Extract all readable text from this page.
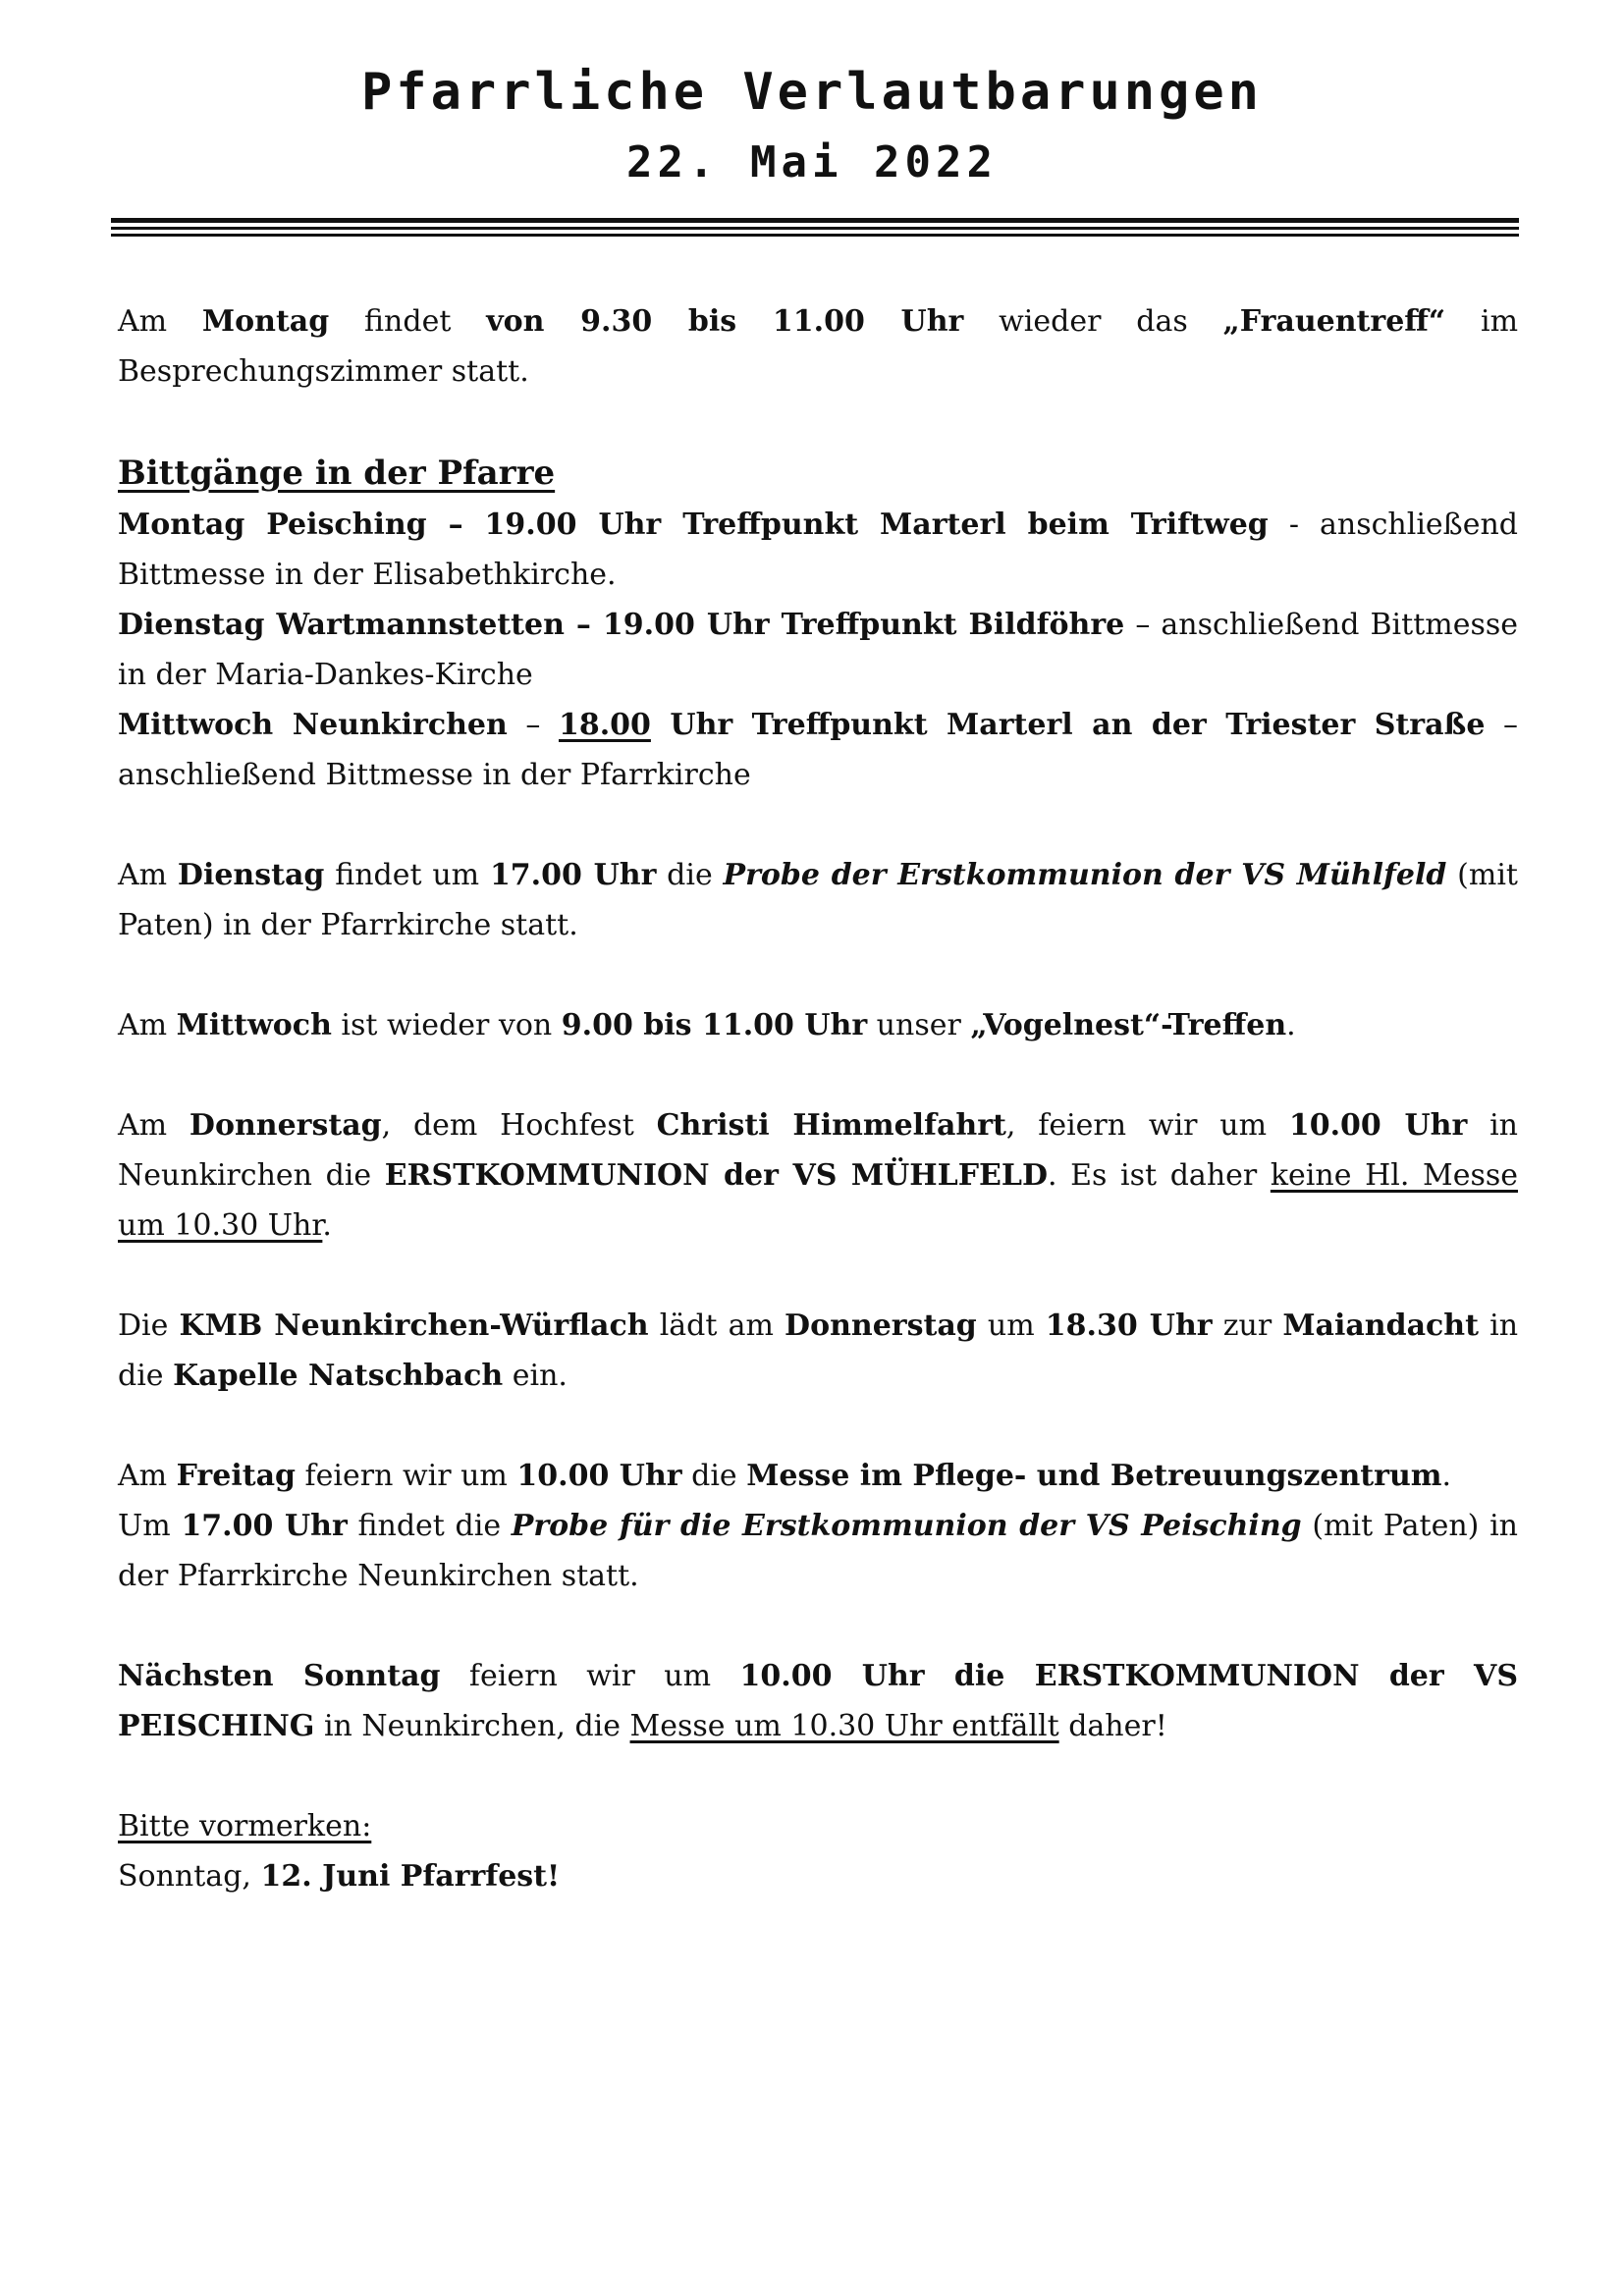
Pfarrliche Verlautbarungen
22. Mai 2022

Am Montag findet von 9.30 bis 11.00 Uhr wieder das „Frauentreff“ im Besprechungszimmer statt.

Bittgänge in der Pfarre

Montag Peisching – 19.00 Uhr Treffpunkt Marterl beim Triftweg - anschließend Bittmesse in der Elisabethkirche.

Dienstag Wartmannstetten – 19.00 Uhr Treffpunkt Bildföhre – anschließend Bittmesse in der Maria-Dankes-Kirche

Mittwoch Neunkirchen – 18.00 Uhr Treffpunkt Marterl an der Triester Straße – anschließend Bittmesse in der Pfarrkirche

Am Dienstag findet um 17.00 Uhr die Probe der Erstkommunion der VS Mühlfeld (mit Paten) in der Pfarrkirche statt.

Am Mittwoch ist wieder von 9.00 bis 11.00 Uhr unser „Vogelnest“-Treffen.

Am Donnerstag, dem Hochfest Christi Himmelfahrt, feiern wir um 10.00 Uhr in Neunkirchen die ERSTKOMMUNION der VS MÜHLFELD. Es ist daher keine Hl. Messe um 10.30 Uhr.

Die KMB Neunkirchen-Würflach lädt am Donnerstag um 18.30 Uhr zur Maiandacht in die Kapelle Natschbach ein.

Am Freitag feiern wir um 10.00 Uhr die Messe im Pflege- und Betreuungszentrum.
Um 17.00 Uhr findet die Probe für die Erstkommunion der VS Peisching (mit Paten) in der Pfarrkirche Neunkirchen statt.

Nächsten Sonntag feiern wir um 10.00 Uhr die ERSTKOMMUNION der VS PEISCHING in Neunkirchen, die Messe um 10.30 Uhr entfällt daher!

Bitte vormerken:
Sonntag, 12. Juni Pfarrfest!
